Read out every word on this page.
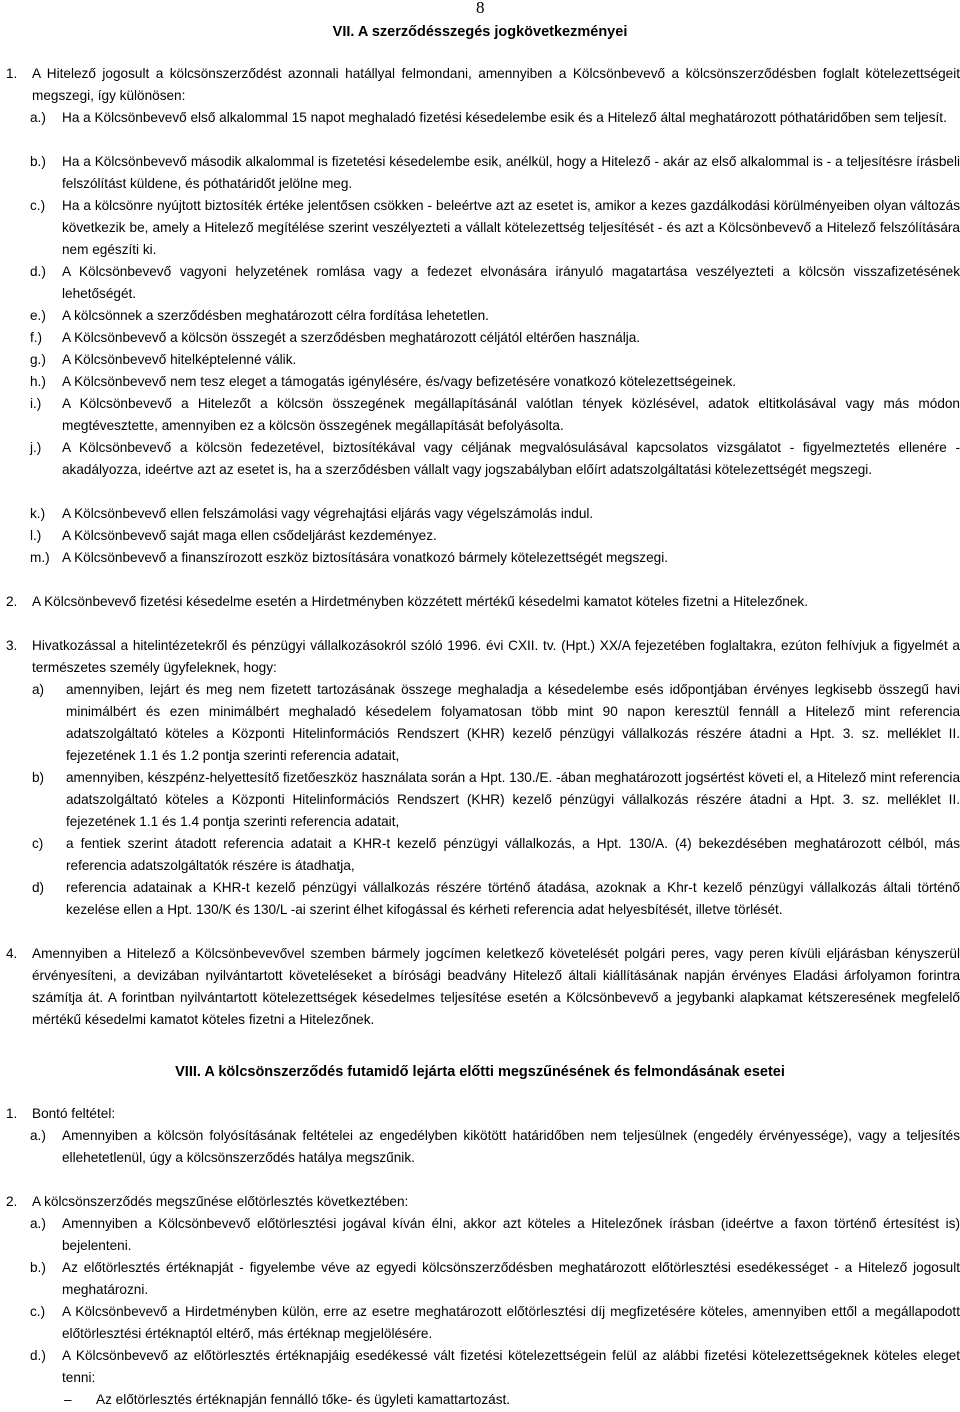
8
VII. A szerződésszegés jogkövetkezményei
1. A Hitelező jogosult a kölcsönszerződést azonnali hatállyal felmondani, amennyiben a Kölcsönbevevő a kölcsönszerződésben foglalt kötelezettségeit megszegi, így különösen:
a.) Ha a Kölcsönbevevő első alkalommal 15 napot meghaladó fizetési késedelembe esik és a Hitelező által meghatározott póthatáridőben sem teljesít.
b.) Ha a Kölcsönbevevő második alkalommal is fizetetési késedelembe esik, anélkül, hogy a Hitelező - akár az első alkalommal is - a teljesítésre írásbeli felszólítást küldene, és póthatáridőt jelölne meg.
c.) Ha a kölcsönre nyújtott biztosíték értéke jelentősen csökken - beleértve azt az esetet is, amikor a kezes gazdálkodási körülményeiben olyan változás következik be, amely a Hitelező megítélése szerint veszélyezteti a vállalt kötelezettség teljesítését - és azt a Kölcsönbevevő a Hitelező felszólítására nem egészíti ki.
d.) A Kölcsönbevevő vagyoni helyzetének romlása vagy a fedezet elvonására irányuló magatartása veszélyezteti a kölcsön visszafizetésének lehetőségét.
e.) A kölcsönnek a szerződésben meghatározott célra fordítása lehetetlen.
f.) A Kölcsönbevevő a kölcsön összegét a szerződésben meghatározott céljától eltérően használja.
g.) A Kölcsönbevevő hitelképtelenné válik.
h.) A Kölcsönbevevő nem tesz eleget a támogatás igénylésére, és/vagy befizetésére vonatkozó kötelezettségeinek.
i.) A Kölcsönbevevő a Hitelezőt a kölcsön összegének megállapításánál valótlan tények közlésével, adatok eltitkolásával vagy más módon megtévesztette, amennyiben ez a kölcsön összegének megállapítását befolyásolta.
j.) A Kölcsönbevevő a kölcsön fedezetével, biztosítékával vagy céljának megvalósulásával kapcsolatos vizsgálatot - figyelmeztetés ellenére - akadályozza, ideértve azt az esetet is, ha a szerződésben vállalt vagy jogszabályban előírt adatszolgáltatási kötelezettségét megszegi.
k.) A Kölcsönbevevő ellen felszámolási vagy végrehajtási eljárás vagy végelszámolás indul.
l.) A Kölcsönbevevő saját maga ellen csődeljárást kezdeményez.
m.) A Kölcsönbevevő a finanszírozott eszköz biztosítására vonatkozó bármely kötelezettségét megszegi.
2. A Kölcsönbevevő fizetési késedelme esetén a Hirdetményben közzétett mértékű késedelmi kamatot köteles fizetni a Hitelezőnek.
3. Hivatkozással a hitelintézetekről és pénzügyi vállalkozásokról szóló 1996. évi CXII. tv. (Hpt.) XX/A fejezetében foglaltakra, ezúton felhívjuk a figyelmét a természetes személy ügyfeleknek, hogy:
a) amennyiben, lejárt és meg nem fizetett tartozásának összege meghaladja a késedelembe esés időpontjában érvényes legkisebb összegű havi minimálbért és ezen minimálbért meghaladó késedelem folyamatosan több mint 90 napon keresztül fennáll a Hitelező mint referencia adatszolgáltató köteles a Központi Hitelinformációs Rendszert (KHR) kezelő pénzügyi vállalkozás részére átadni a Hpt. 3. sz. melléklet II. fejezetének 1.1 és 1.2 pontja szerinti referencia adatait,
b) amennyiben, készpénz-helyettesítő fizetőeszköz használata során a Hpt. 130./E. -ában meghatározott jogsértést követi el, a Hitelező mint referencia adatszolgáltató köteles a Központi Hitelinformációs Rendszert (KHR) kezelő pénzügyi vállalkozás részére átadni a Hpt. 3. sz. melléklet II. fejezetének 1.1 és 1.4 pontja szerinti referencia adatait,
c) a fentiek szerint átadott referencia adatait a KHR-t kezelő pénzügyi vállalkozás, a Hpt. 130/A. (4) bekezdésében meghatározott célból, más referencia adatszolgáltatók részére is átadhatja,
d) referencia adatainak a KHR-t kezelő pénzügyi vállalkozás részére történő átadása, azoknak a Khr-t kezelő pénzügyi vállalkozás általi történő kezelése ellen a Hpt. 130/K és 130/L -ai szerint élhet kifogással és kérheti referencia adat helyesbítését, illetve törlését.
4. Amennyiben a Hitelező a Kölcsönbevevővel szemben bármely jogcímen keletkező követelését polgári peres, vagy peren kívüli eljárásban kényszerül érvényesíteni, a devizában nyilvántartott követeléseket a bírósági beadvány Hitelező általi kiállításának napján érvényes Eladási árfolyamon forintra számítja át. A forintban nyilvántartott kötelezettségek késedelmes teljesítése esetén a Kölcsönbevevő a jegybanki alapkamat kétszeresének megfelelő mértékű késedelmi kamatot köteles fizetni a Hitelezőnek.
VIII. A kölcsönszerződés futamidő lejárta előtti megszűnésének és felmondásának esetei
1. Bontó feltétel:
a.) Amennyiben a kölcsön folyósításának feltételei az engedélyben kikötött határidőben nem teljesülnek (engedély érvényessége), vagy a teljesítés ellehetetlenül, úgy a kölcsönszerződés hatálya megszűnik.
2. A kölcsönszerződés megszűnése előtörlesztés következtében:
a.) Amennyiben a Kölcsönbevevő előtörlesztési jogával kíván élni, akkor azt köteles a Hitelezőnek írásban (ideértve a faxon történő értesítést is) bejelenteni.
b.) Az előtörlesztés értéknapját - figyelembe véve az egyedi kölcsönszerződésben meghatározott előtörlesztési esedékességet - a Hitelező jogosult meghatározni.
c.) A Kölcsönbevevő a Hirdetményben külön, erre az esetre meghatározott előtörlesztési díj megfizetésére köteles, amennyiben ettől a megállapodott előtörlesztési értéknaptól eltérő, más értéknap megjelölésére.
d.) A Kölcsönbevevő az előtörlesztés értéknapjáig esedékessé vált fizetési kötelezettségein felül az alábbi fizetési kötelezettségeknek köteles eleget tenni:
– Az előtörlesztés értéknapján fennálló tőke- és ügyleti kamattartozást.
